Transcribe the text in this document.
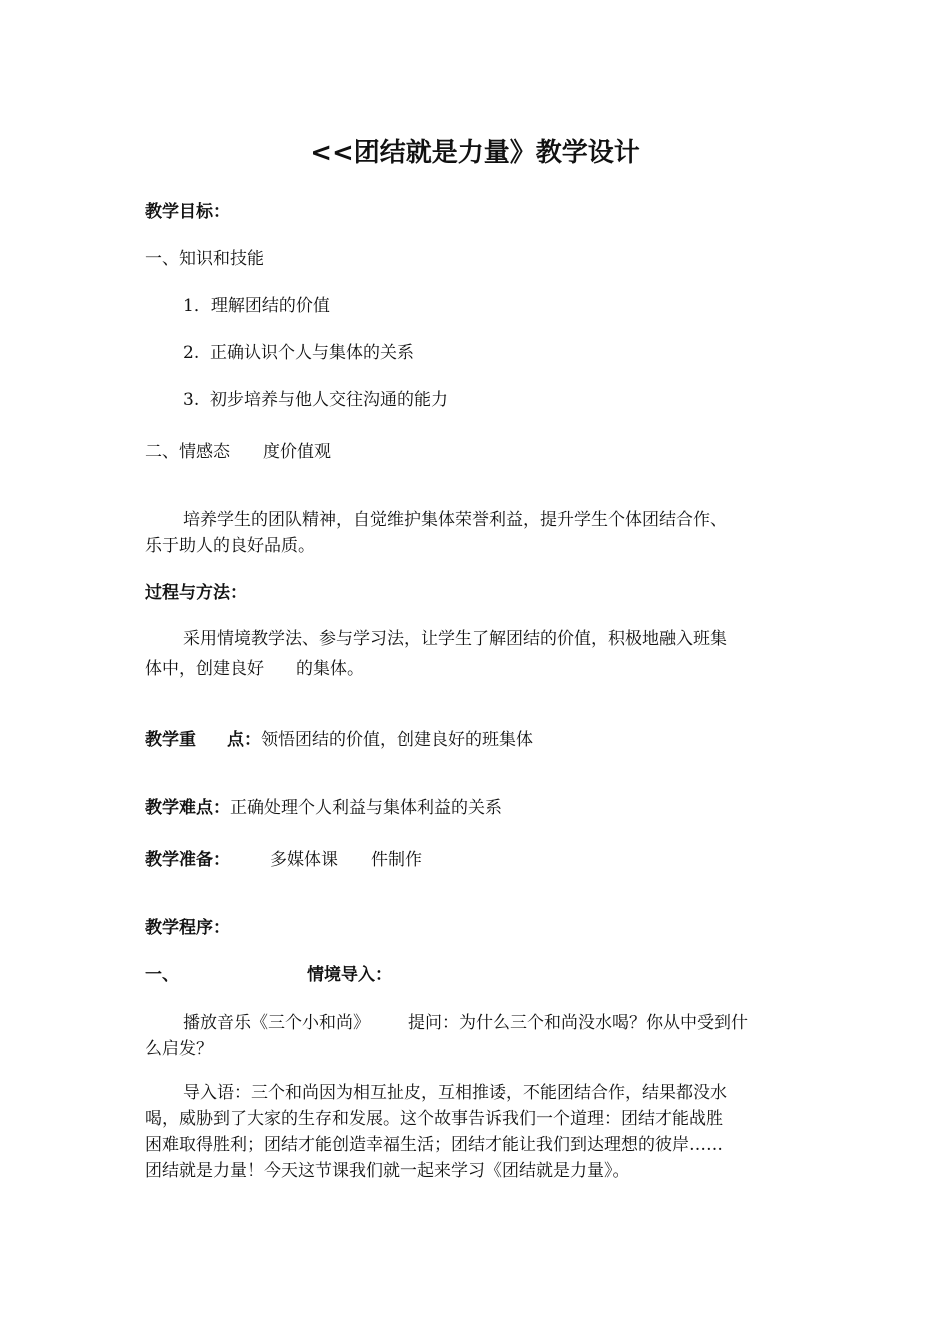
<<团结就是力量》教学设计
教学目标：
一、知识和技能
1．理解团结的价值
2.  正确认识个人与集体的关系
3.  初步培养与他人交往沟通的能力
二、情感态 度价值观
培养学生的团队精神，自觉维护集体荣誉利益，提升学生个体团结合作、
乐于助人的良好品质。
过程与方法：
采用情境教学法、参与学习法，让学生了解团结的价值，积极地融入班集
体中，创建良好 的集体。
教学重 点：领悟团结的价值，创建良好的班集体
教学难点：正确处理个人利益与集体利益的关系
教学准备： 多媒体课 件制作
教学程序：
一、	情境导入：
播放音乐《三个小和尚》 提问：为什么三个和尚没水喝？你从中受到什
么启发？
导入语：三个和尚因为相互扯皮，互相推诿，不能团结合作，结果都没水
喝，威胁到了大家的生存和发展。这个故事告诉我们一个道理：团结才能战胜
困难取得胜利；团结才能创造幸福生活；团结才能让我们到达理想的彼岸……
团结就是力量！今天这节课我们就一起来学习《团结就是力量》。
